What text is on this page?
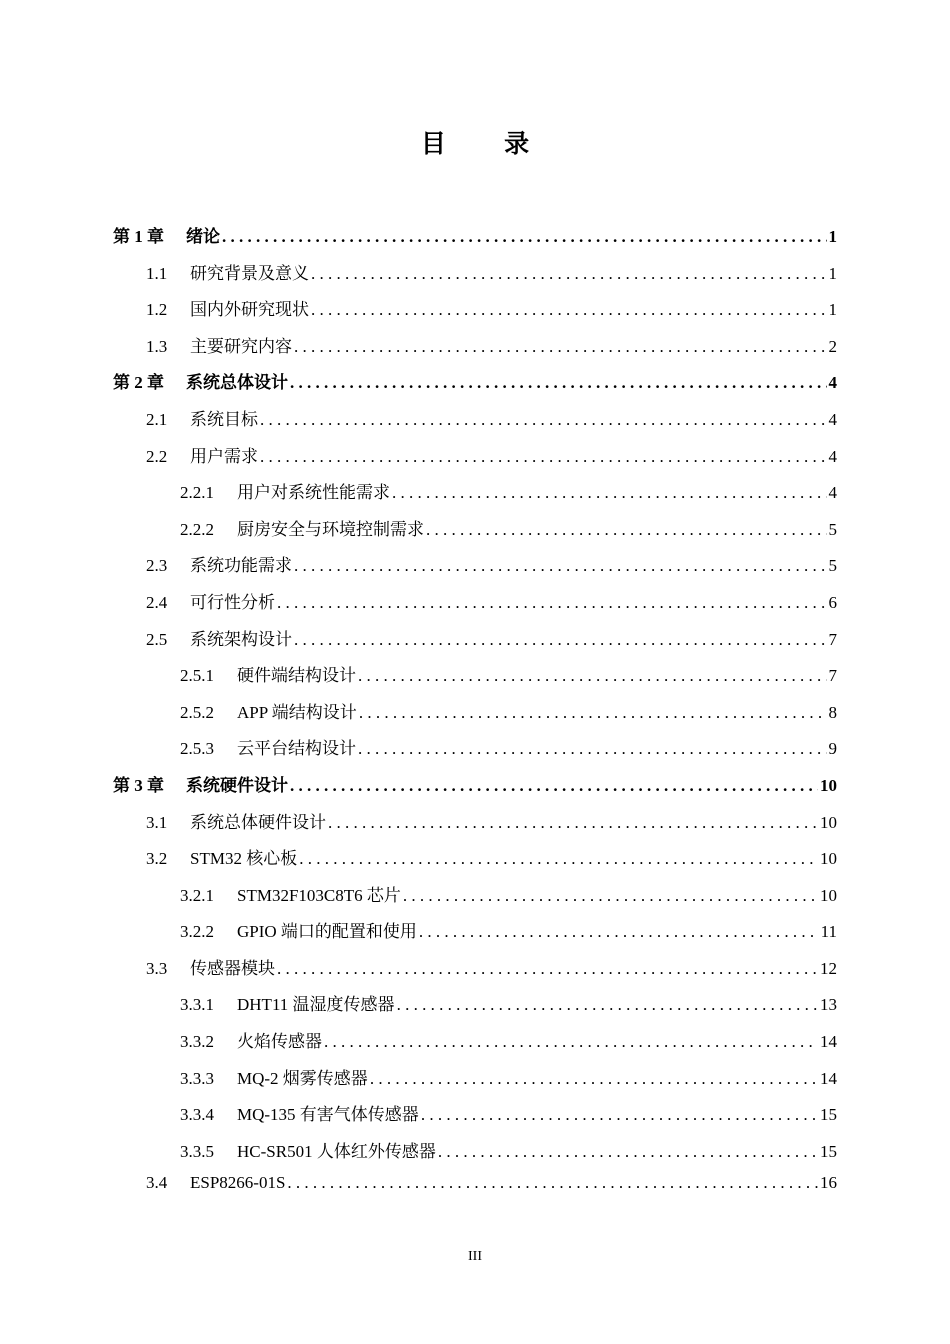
目 录
第 1 章	绪论 . . .	1
1.1	研究背景及意义 . . .	1
1.2	国内外研究现状 . . .	1
1.3	主要研究内容 . . .	2
第 2 章	系统总体设计 . . .	4
2.1	系统目标 . . .	4
2.2	用户需求 . . .	4
2.2.1	用户对系统性能需求 . . .	4
2.2.2	厨房安全与环境控制需求 . . .	5
2.3	系统功能需求 . . .	5
2.4	可行性分析 . . .	6
2.5	系统架构设计 . . .	7
2.5.1	硬件端结构设计 . . .	7
2.5.2	APP 端结构设计 . . .	8
2.5.3	云平台结构设计 . . .	9
第 3 章	系统硬件设计 . . .	10
3.1	系统总体硬件设计 . . .	10
3.2	STM32 核心板 . . .	10
3.2.1	STM32F103C8T6 芯片 . . .	10
3.2.2	GPIO 端口的配置和使用 . . .	11
3.3	传感器模块 . . .	12
3.3.1	DHT11 温湿度传感器 . . .	13
3.3.2	火焰传感器 . . .	14
3.3.3	MQ-2 烟雾传感器 . . .	14
3.3.4	MQ-135 有害气体传感器 . . .	15
3.3.5	HC-SR501 人体红外传感器 . . .	15
3.4	ESP8266-01S . . .	16
III
